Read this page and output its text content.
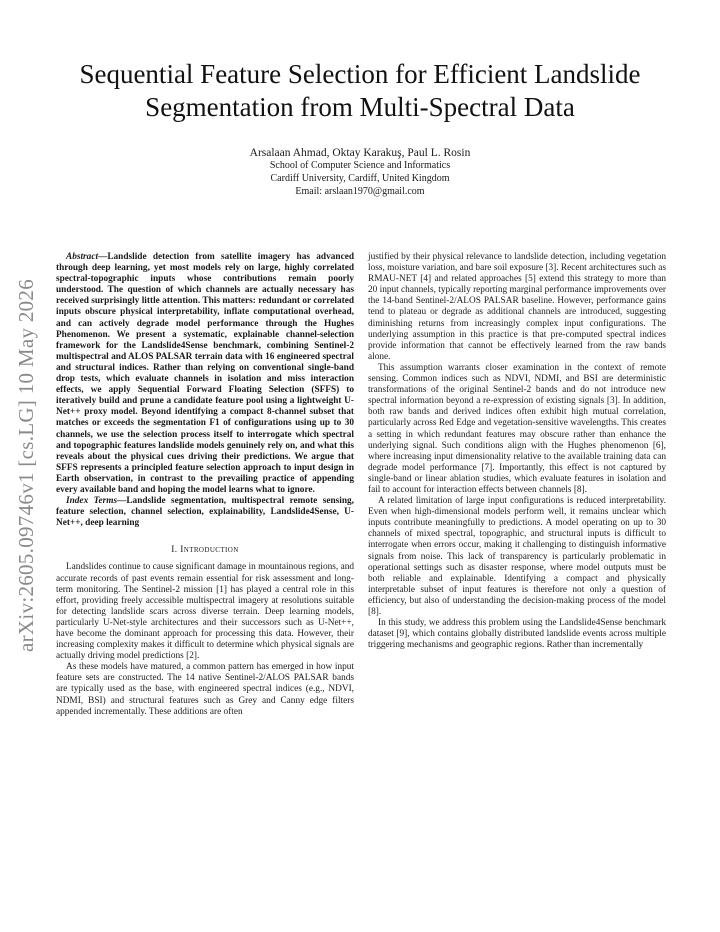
arXiv:2605.09746v1 [cs.LG] 10 May 2026
Sequential Feature Selection for Efficient Landslide
Segmentation from Multi-Spectral Data
Arsalaan Ahmad, Oktay Karakuş, Paul L. Rosin
School of Computer Science and Informatics
Cardiff University, Cardiff, United Kingdom
Email: arslaan1970@gmail.com

Abstract—Landslide detection from satellite imagery has advanced through deep learning, yet most models rely on large, highly correlated spectral-topographic inputs whose contributions remain poorly understood. The question of which channels are actually necessary has received surprisingly little attention. This matters: redundant or correlated inputs obscure physical interpretability, inflate computational overhead, and can actively degrade model performance through the Hughes Phenomenon. We present a systematic, explainable channel-selection framework for the Landslide4Sense benchmark, combining Sentinel-2 multispectral and ALOS PALSAR terrain data with 16 engineered spectral and structural indices. Rather than relying on conventional single-band drop tests, which evaluate channels in isolation and miss interaction effects, we apply Sequential Forward Floating Selection (SFFS) to iteratively build and prune a candidate feature pool using a lightweight U-Net++ proxy model. Beyond identifying a compact 8-channel subset that matches or exceeds the segmentation F1 of configurations using up to 30 channels, we use the selection process itself to interrogate which spectral and topographic features landslide models genuinely rely on, and what this reveals about the physical cues driving their predictions. We argue that SFFS represents a principled feature selection approach to input design in Earth observation, in contrast to the prevailing practice of appending every available band and hoping the model learns what to ignore.

Index Terms—Landslide segmentation, multispectral remote sensing, feature selection, channel selection, explainability, Landslide4Sense, U-Net++, deep learning

I. Introduction

Landslides continue to cause significant damage in mountainous regions, and accurate records of past events remain essential for risk assessment and long-term monitoring. The Sentinel-2 mission [1] has played a central role in this effort, providing freely accessible multispectral imagery at resolutions suitable for detecting landslide scars across diverse terrain. Deep learning models, particularly U-Net-style architectures and their successors such as U-Net++, have become the dominant approach for processing this data. However, their increasing complexity makes it difficult to determine which physical signals are actually driving model predictions [2].

As these models have matured, a common pattern has emerged in how input feature sets are constructed. The 14 native Sentinel-2/ALOS PALSAR bands are typically used as the base, with engineered spectral indices (e.g., NDVI, NDMI, BSI) and structural features such as Grey and Canny edge filters appended incrementally. These additions are often

justified by their physical relevance to landslide detection, including vegetation loss, moisture variation, and bare soil exposure [3]. Recent architectures such as RMAU-NET [4] and related approaches [5] extend this strategy to more than 20 input channels, typically reporting marginal performance improvements over the 14-band Sentinel-2/ALOS PALSAR baseline. However, performance gains tend to plateau or degrade as additional channels are introduced, suggesting diminishing returns from increasingly complex input configurations. The underlying assumption in this practice is that pre-computed spectral indices provide information that cannot be effectively learned from the raw bands alone.

This assumption warrants closer examination in the context of remote sensing. Common indices such as NDVI, NDMI, and BSI are deterministic transformations of the original Sentinel-2 bands and do not introduce new spectral information beyond a re-expression of existing signals [3]. In addition, both raw bands and derived indices often exhibit high mutual correlation, particularly across Red Edge and vegetation-sensitive wavelengths. This creates a setting in which redundant features may obscure rather than enhance the underlying signal. Such conditions align with the Hughes phenomenon [6], where increasing input dimensionality relative to the available training data can degrade model performance [7]. Importantly, this effect is not captured by single-band or linear ablation studies, which evaluate features in isolation and fail to account for interaction effects between channels [8].

A related limitation of large input configurations is reduced interpretability. Even when high-dimensional models perform well, it remains unclear which inputs contribute meaningfully to predictions. A model operating on up to 30 channels of mixed spectral, topographic, and structural inputs is difficult to interrogate when errors occur, making it challenging to distinguish informative signals from noise. This lack of transparency is particularly problematic in operational settings such as disaster response, where model outputs must be both reliable and explainable. Identifying a compact and physically interpretable subset of input features is therefore not only a question of efficiency, but also of understanding the decision-making process of the model [8].

In this study, we address this problem using the Landslide4Sense benchmark dataset [9], which contains globally distributed landslide events across multiple triggering mechanisms and geographic regions. Rather than incrementally
